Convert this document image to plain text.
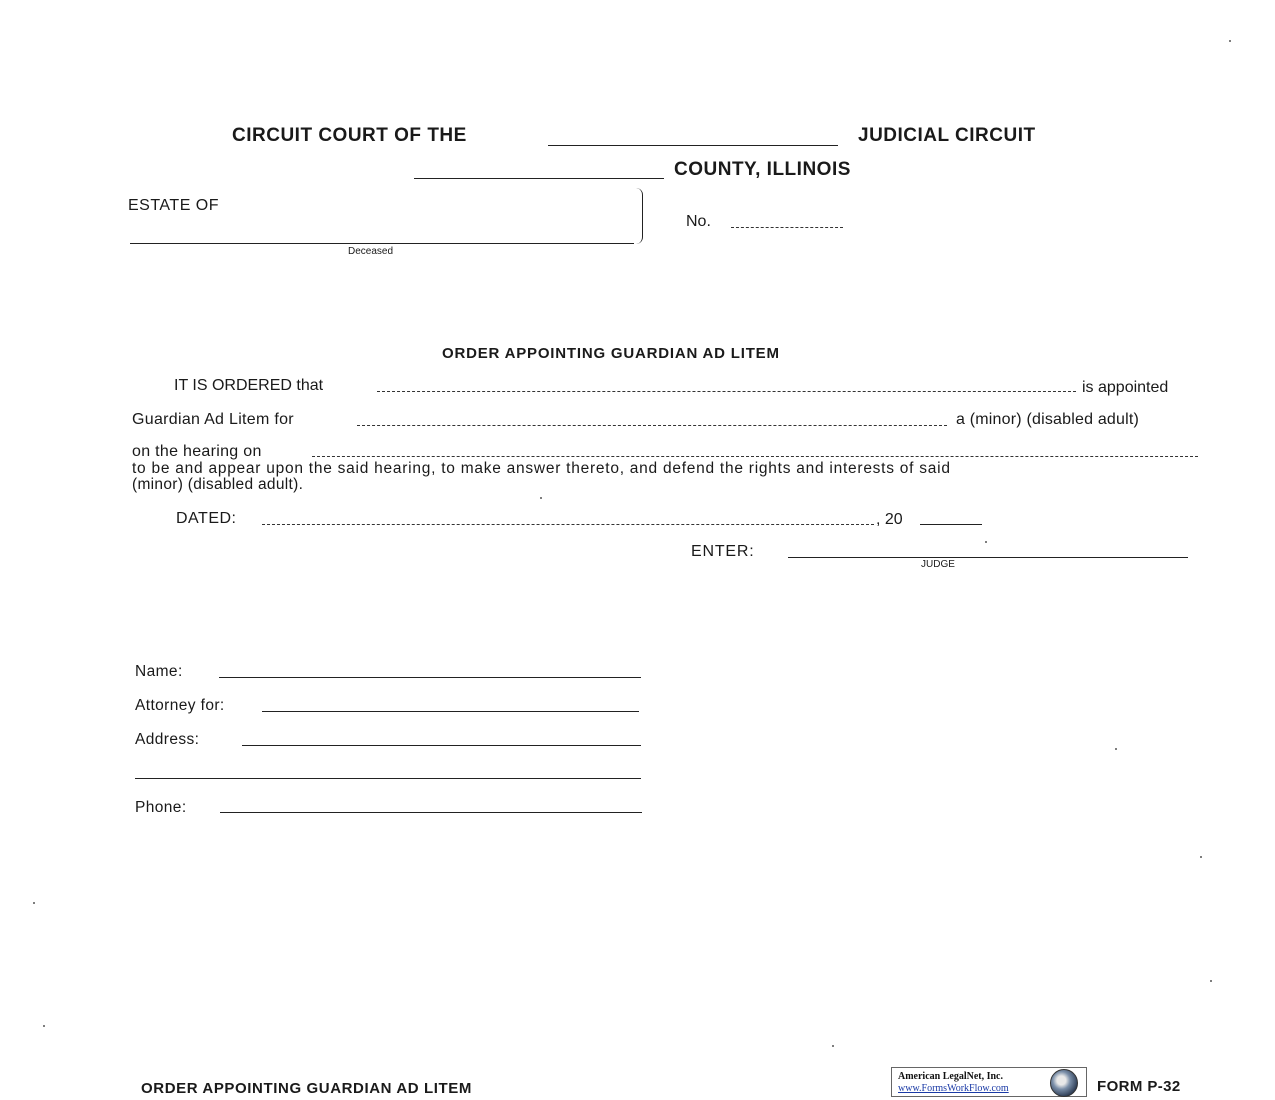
CIRCUIT COURT OF THE	JUDICIAL CIRCUIT
COUNTY, ILLINOIS
ESTATE OF
Deceased
No.
ORDER APPOINTING GUARDIAN AD LITEM
IT IS ORDERED that	is appointed
Guardian Ad Litem for	a (minor) (disabled adult)
on the hearing on
to be and appear upon the said hearing, to make answer thereto, and defend the rights and interests of said
(minor) (disabled adult).
DATED:	, 20
ENTER:
JUDGE
Name:
Attorney for:
Address:
Phone:
ORDER APPOINTING GUARDIAN AD LITEM
American LegalNet, Inc.
www.FormsWorkFlow.com	FORM P-32
